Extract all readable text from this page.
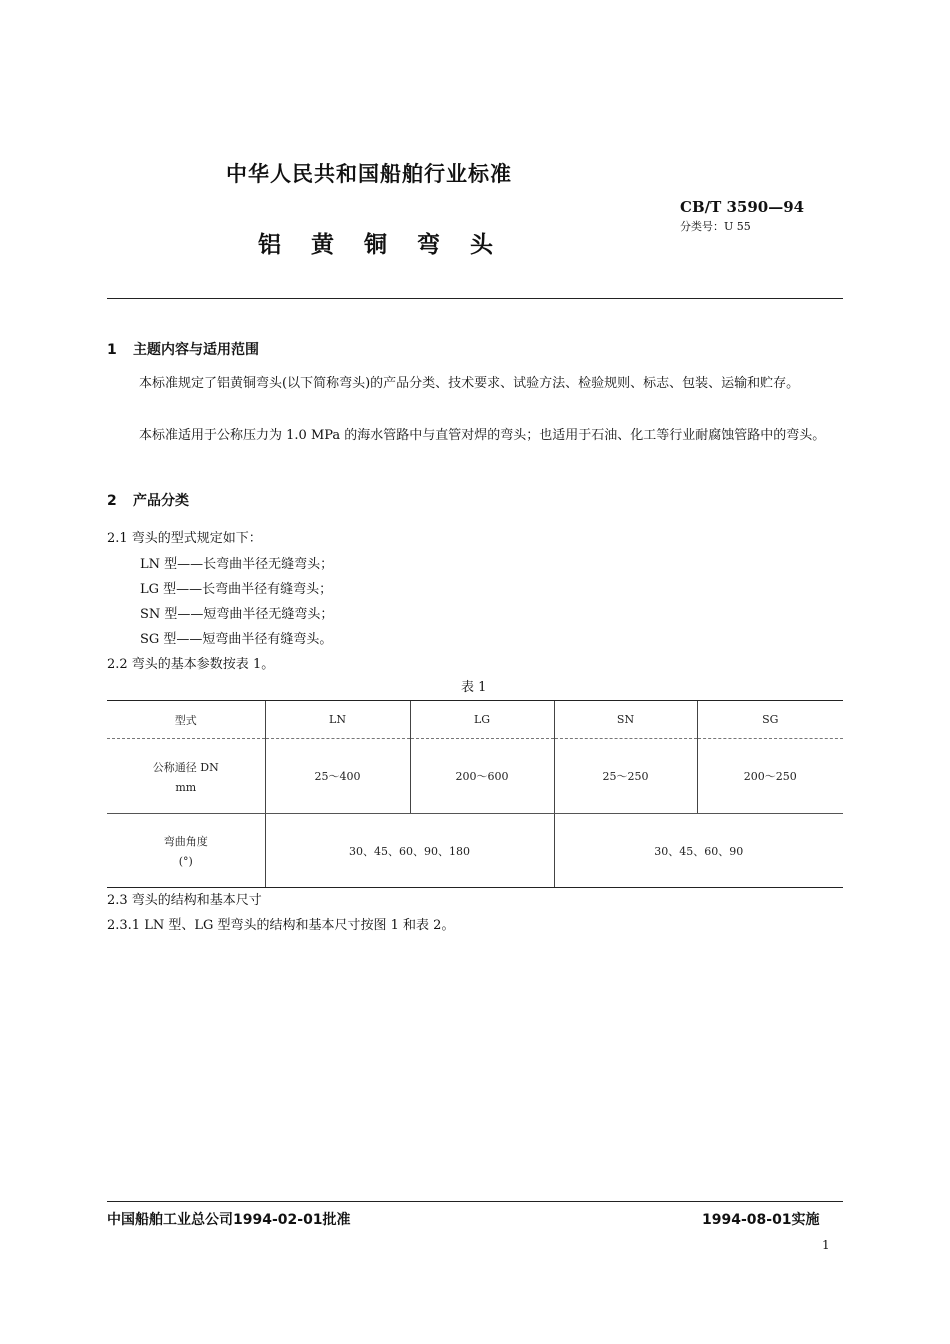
中华人民共和国船舶行业标准
CB/T 3590—94
分类号：U 55
铝黄铜弯头
1 主题内容与适用范围
本标准规定了铝黄铜弯头(以下简称弯头)的产品分类、技术要求、试验方法、检验规则、标志、包装、运输和贮存。
本标准适用于公称压力为 1.0 MPa 的海水管路中与直管对焊的弯头；也适用于石油、化工等行业耐腐蚀管路中的弯头。
2 产品分类
2.1 弯头的型式规定如下：
LN 型——长弯曲半径无缝弯头；
LG 型——长弯曲半径有缝弯头；
SN 型——短弯曲半径无缝弯头；
SG 型——短弯曲半径有缝弯头。
2.2 弯头的基本参数按表 1。
表 1
型式	LN	LG	SN	SG

公称通径 DN
mm	25～400	200～600	25～250	200～250

弯曲角度
(°)	30、45、60、90、180		30、45、60、90	
2.3 弯头的结构和基本尺寸
2.3.1 LN 型、LG 型弯头的结构和基本尺寸按图 1 和表 2。
中国船舶工业总公司1994-02-01批准	1994-08-01实施
1
